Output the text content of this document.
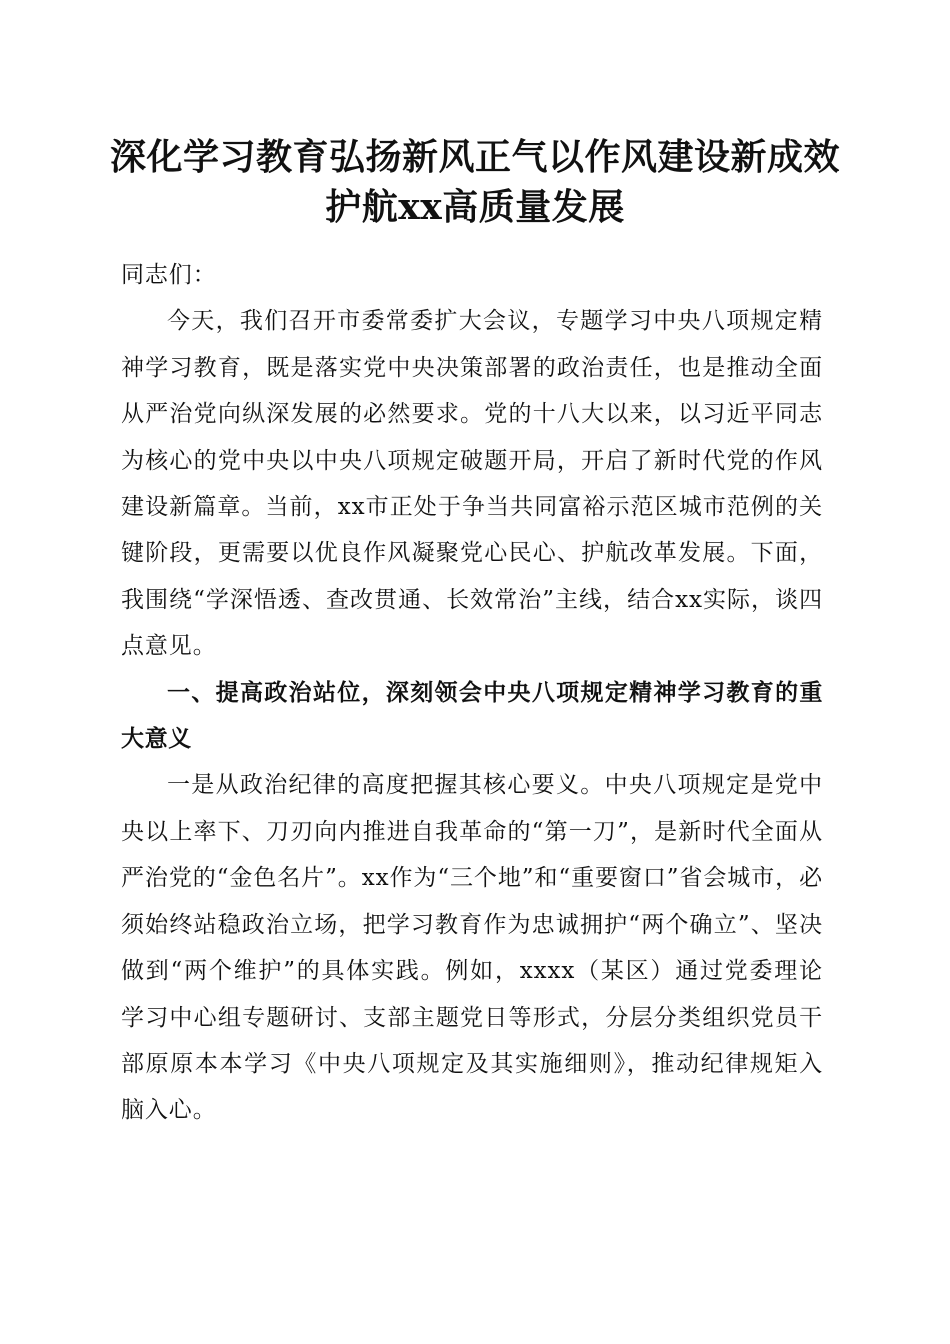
深化学习教育弘扬新风正气以作风建设新成效
护航xx高质量发展

同志们：

今天，我们召开市委常委扩大会议，专题学习中央八项规定精神学习教育，既是落实党中央决策部署的政治责任，也是推动全面从严治党向纵深发展的必然要求。党的十八大以来，以习近平同志为核心的党中央以中央八项规定破题开局，开启了新时代党的作风建设新篇章。当前，xx市正处于争当共同富裕示范区城市范例的关键阶段，更需要以优良作风凝聚党心民心、护航改革发展。下面，我围绕“学深悟透、查改贯通、长效常治”主线，结合xx实际，谈四点意见。

一、提高政治站位，深刻领会中央八项规定精神学习教育的重大意义

一是从政治纪律的高度把握其核心要义。中央八项规定是党中央以上率下、刀刃向内推进自我革命的“第一刀”，是新时代全面从严治党的“金色名片”。xx作为“三个地”和“重要窗口”省会城市，必须始终站稳政治立场，把学习教育作为忠诚拥护“两个确立”、坚决做到“两个维护”的具体实践。例如，xxxx（某区）通过党委理论学习中心组专题研讨、支部主题党日等形式，分层分类组织党员干部原原本本学习《中央八项规定及其实施细则》，推动纪律规矩入脑入心。
